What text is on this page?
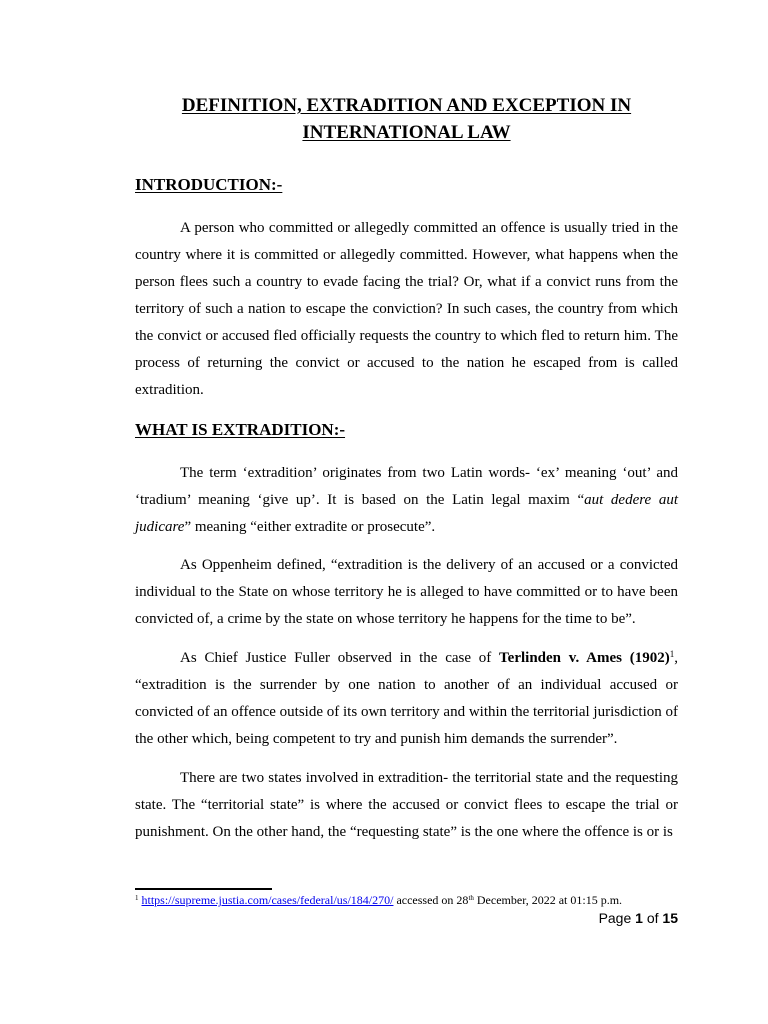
DEFINITION, EXTRADITION AND EXCEPTION IN
INTERNATIONAL LAW
INTRODUCTION:-

A person who committed or allegedly committed an offence is usually tried in the country where it is committed or allegedly committed. However, what happens when the person flees such a country to evade facing the trial? Or, what if a convict runs from the territory of such a nation to escape the conviction? In such cases, the country from which the convict or accused fled officially requests the country to which fled to return him. The process of returning the convict or accused to the nation he escaped from is called extradition.

WHAT IS EXTRADITION:-

The term ‘extradition’ originates from two Latin words- ‘ex’ meaning ‘out’ and ‘tradium’ meaning ‘give up’. It is based on the Latin legal maxim “aut dedere aut judicare” meaning “either extradite or prosecute”.

As Oppenheim defined, “extradition is the delivery of an accused or a convicted individual to the State on whose territory he is alleged to have committed or to have been convicted of, a crime by the state on whose territory he happens for the time to be”.

As Chief Justice Fuller observed in the case of Terlinden v. Ames $(1902)^1$, “extradition is the surrender by one nation to another of an individual accused or convicted of an offence outside of its own territory and within the territorial jurisdiction of the other which, being competent to try and punish him demands the surrender”.

There are two states involved in extradition- the territorial state and the requesting state. The “territorial state” is where the accused or convict flees to escape the trial or punishment. On the other hand, the “requesting state” is the one where the offence is or is

$^1$ https://supreme.justia.com/cases/federal/us/184/270/ accessed on 28th December, 2022 at 01:15 p.m.
Page 1 of 15
